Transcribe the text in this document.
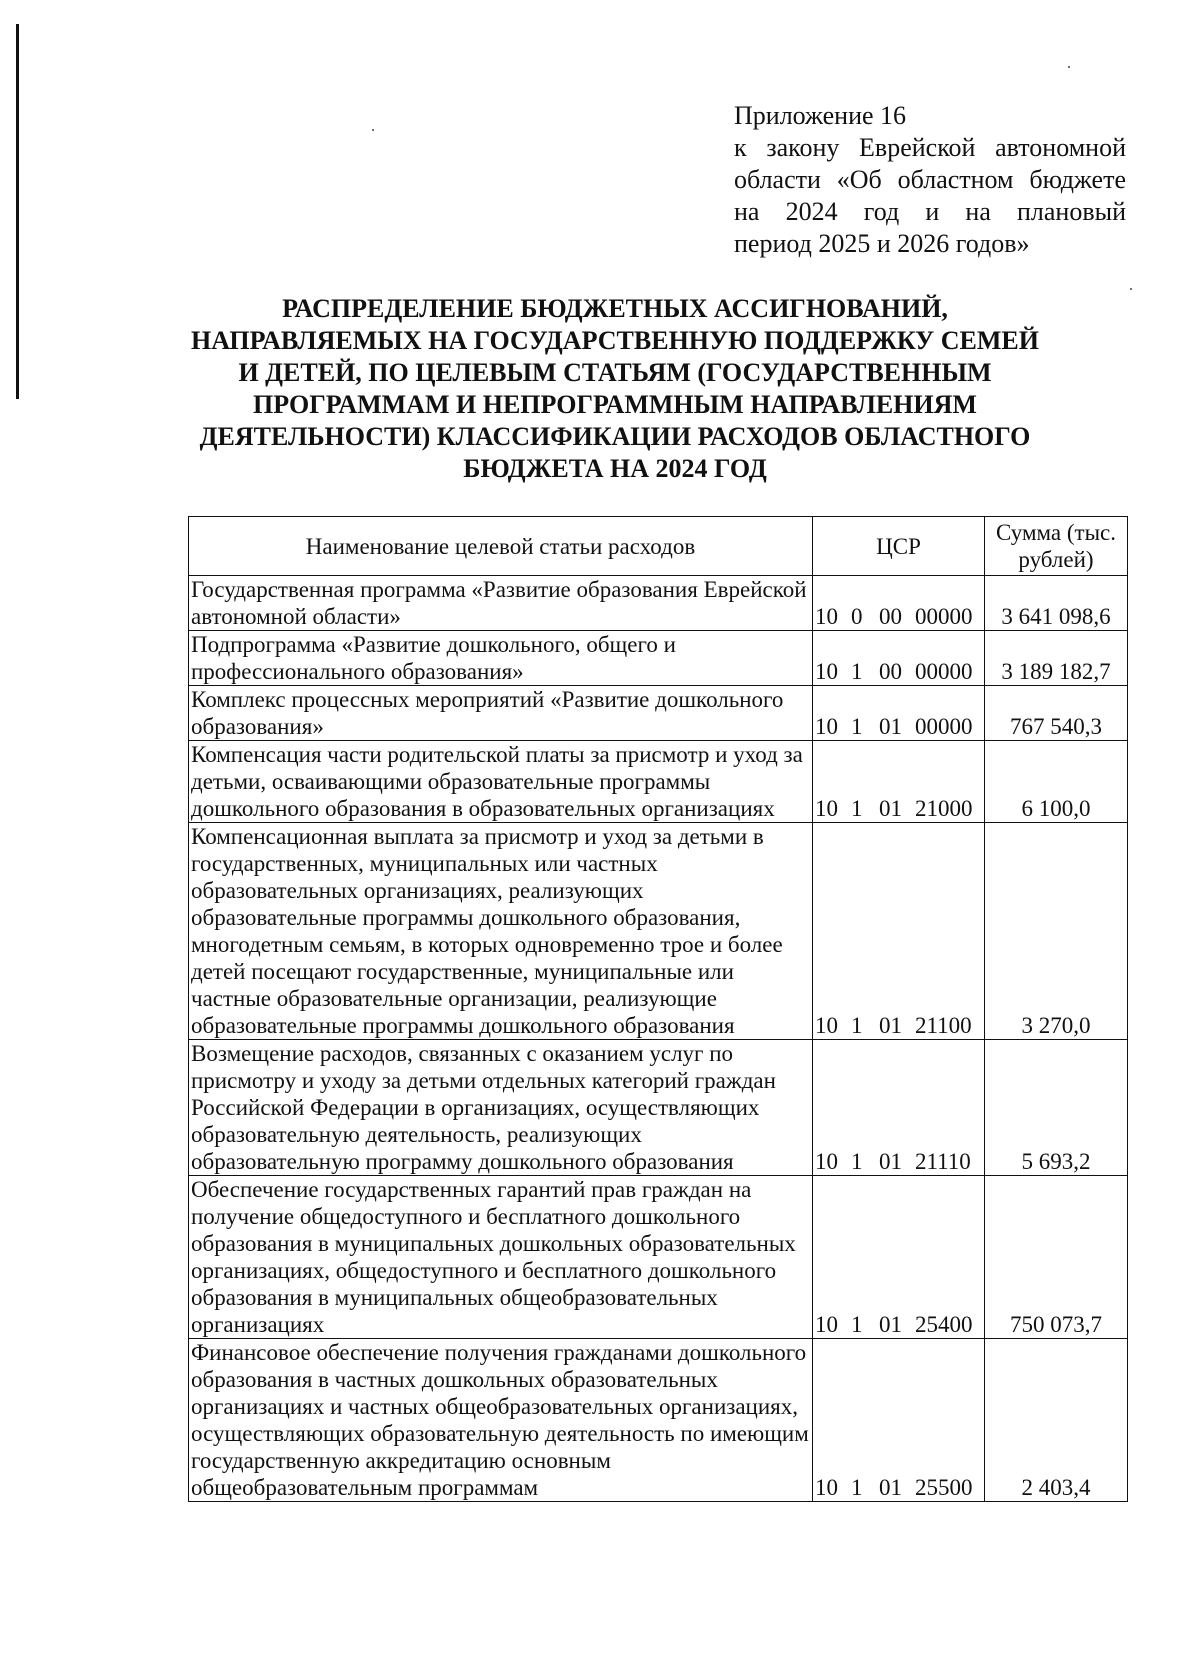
Приложение 16
к закону Еврейской автономной
области «Об областном бюджете
на 2024 год и на плановый
период 2025 и 2026 годов»
РАСПРЕДЕЛЕНИЕ БЮДЖЕТНЫХ АССИГНОВАНИЙ,
НАПРАВЛЯЕМЫХ НА ГОСУДАРСТВЕННУЮ ПОДДЕРЖКУ СЕМЕЙ
И ДЕТЕЙ, ПО ЦЕЛЕВЫМ СТАТЬЯМ (ГОСУДАРСТВЕННЫМ
ПРОГРАММАМ И НЕПРОГРАММНЫМ НАПРАВЛЕНИЯМ
ДЕЯТЕЛЬНОСТИ) КЛАССИФИКАЦИИ РАСХОДОВ ОБЛАСТНОГО
БЮДЖЕТА НА 2024 ГОД
Наименование целевой статьи расходов	ЦСР	Сумма (тыс. рублей)
Государственная программа «Развитие образования Еврейской автономной области»	10 0 00 00000	3 641 098,6
Подпрограмма «Развитие дошкольного, общего и профессионального образования»	10 1 00 00000	3 189 182,7
Комплекс процессных мероприятий «Развитие дошкольного образования»	10 1 01 00000	767 540,3
Компенсация части родительской платы за присмотр и уход за детьми, осваивающими образовательные программы дошкольного образования в образовательных организациях	10 1 01 21000	6 100,0
Компенсационная выплата за присмотр и уход за детьми в государственных, муниципальных или частных образовательных организациях, реализующих образовательные программы дошкольного образования, многодетным семьям, в которых одновременно трое и более детей посещают государственные, муниципальные или частные образовательные организации, реализующие образовательные программы дошкольного образования	10 1 01 21100	3 270,0
Возмещение расходов, связанных с оказанием услуг по присмотру и уходу за детьми отдельных категорий граждан Российской Федерации в организациях, осуществляющих образовательную деятельность, реализующих образовательную программу дошкольного образования	10 1 01 21110	5 693,2
Обеспечение государственных гарантий прав граждан на получение общедоступного и бесплатного дошкольного образования в муниципальных дошкольных образовательных организациях, общедоступного и бесплатного дошкольного образования в муниципальных общеобразовательных организациях	10 1 01 25400	750 073,7
Финансовое обеспечение получения гражданами дошкольного образования в частных дошкольных образовательных организациях и частных общеобразовательных организациях, осуществляющих образовательную деятельность по имеющим государственную аккредитацию основным общеобразовательным программам	10 1 01 25500	2 403,4
